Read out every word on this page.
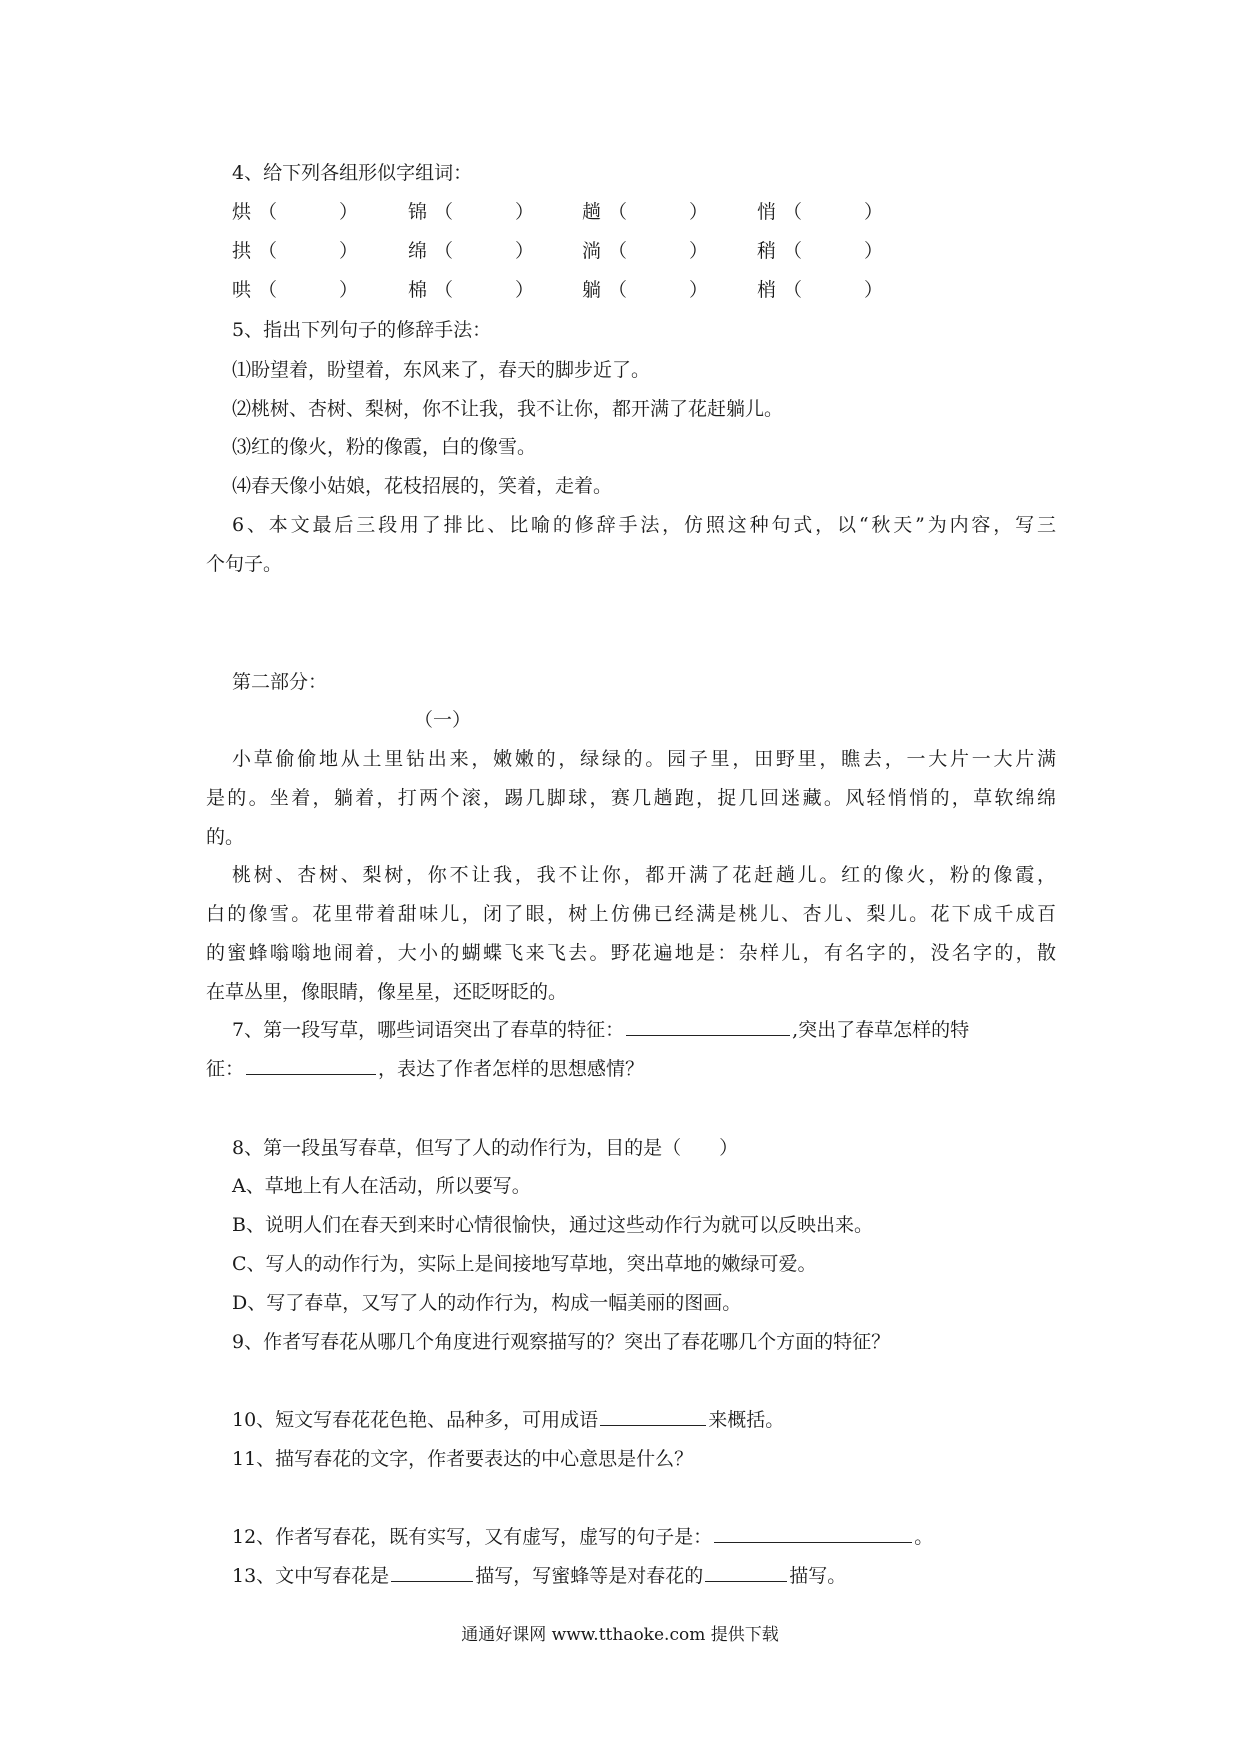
4、给下列各组形似字组词：
烘 （	）	锦 （	）	趟 （	）	悄 （	）
拱 （	）	绵 （	）	淌 （	）	稍 （	）
哄 （	）	棉 （	）	躺 （	）	梢 （	）
5、指出下列句子的修辞手法：
⑴盼望着，盼望着，东风来了，春天的脚步近了。
⑵桃树、杏树、梨树，你不让我，我不让你，都开满了花赶躺儿。
⑶红的像火，粉的像霞，白的像雪。
⑷春天像小姑娘，花枝招展的，笑着，走着。
6、本文最后三段用了排比、比喻的修辞手法，仿照这种句式，以“秋天”为内容，写三
个句子。
第二部分：
（一）
小草偷偷地从土里钻出来，嫩嫩的，绿绿的。园子里，田野里，瞧去，一大片一大片满
是的。坐着，躺着，打两个滚，踢几脚球，赛几趟跑，捉几回迷藏。风轻悄悄的，草软绵绵
的。
桃树、杏树、梨树，你不让我，我不让你，都开满了花赶趟儿。红的像火，粉的像霞，
白的像雪。花里带着甜味儿，闭了眼，树上仿佛已经满是桃儿、杏儿、梨儿。花下成千成百
的蜜蜂嗡嗡地闹着，大小的蝴蝶飞来飞去。野花遍地是：杂样儿，有名字的，没名字的，散
在草丛里，像眼睛，像星星，还眨呀眨的。
7、第一段写草，哪些词语突出了春草的特征：	,突出了春草怎样的特
征：	，表达了作者怎样的思想感情？
8、第一段虽写春草，但写了人的动作行为，目的是（　　）
A、草地上有人在活动，所以要写。
B、说明人们在春天到来时心情很愉快，通过这些动作行为就可以反映出来。
C、写人的动作行为，实际上是间接地写草地，突出草地的嫩绿可爱。
D、写了春草，又写了人的动作行为，构成一幅美丽的图画。
9、作者写春花从哪几个角度进行观察描写的？突出了春花哪几个方面的特征？
10、短文写春花花色艳、品种多，可用成语	来概括。
11、描写春花的文字，作者要表达的中心意思是什么？
12、作者写春花，既有实写，又有虚写，虚写的句子是：	。
13、文中写春花是	描写，写蜜蜂等是对春花的	描写。
通通好课网 www.tthaoke.com 提供下载
